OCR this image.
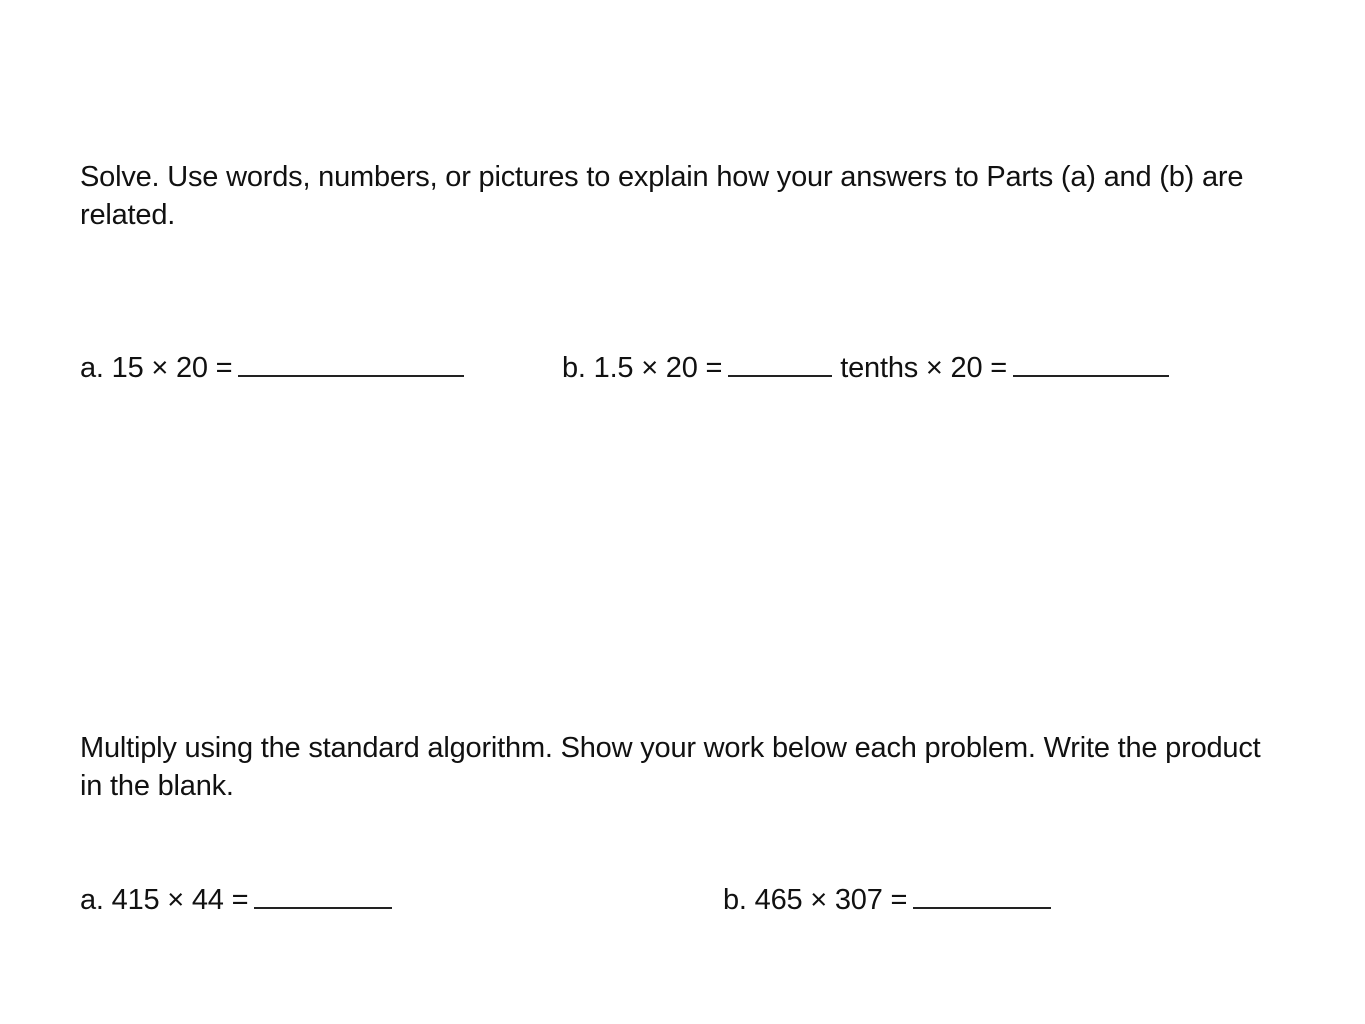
Solve. Use words, numbers, or pictures to explain how your answers to Parts (a) and (b) are related.

a. 15 × 20 =	b. 1.5 × 20 =	tenths × 20 =

Multiply using the standard algorithm. Show your work below each problem. Write the product in the blank.

a. 415 × 44 =	b. 465 × 307 =
